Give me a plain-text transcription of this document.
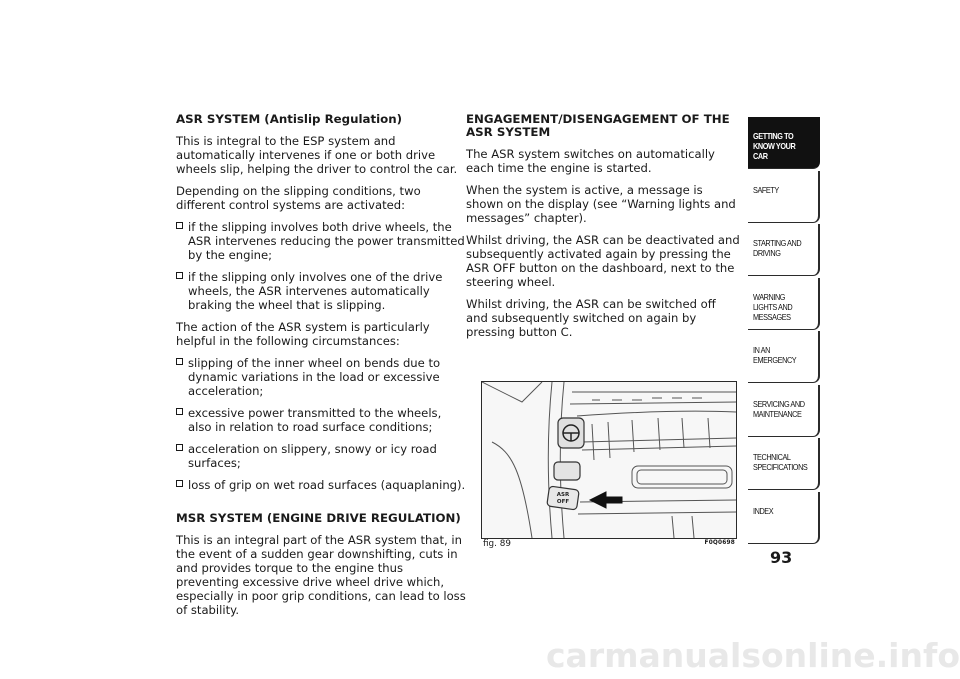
ASR SYSTEM (Antislip Regulation)
This is integral to the ESP system and automatically intervenes if one or both drive wheels slip, helping the driver to control the car.
Depending on the slipping conditions, two different control systems are activated:
if the slipping involves both drive wheels, the ASR intervenes reducing the power transmitted by the engine;
if the slipping only involves one of the drive wheels, the ASR intervenes automatically braking the wheel that is slipping.
The action of the ASR system is particularly helpful in the following circumstances:
slipping of the inner wheel on bends due to dynamic variations in the load or excessive acceleration;
excessive power transmitted to the wheels, also in relation to road surface conditions;
acceleration on slippery, snowy or icy road surfaces;
loss of grip on wet road surfaces (aquaplaning).
MSR SYSTEM (ENGINE DRIVE REGULATION)
This is an integral part of the ASR system that, in the event of a sudden gear downshifting, cuts in and provides torque to the engine thus preventing excessive drive wheel drive which, especially in poor grip conditions, can lead to loss of stability.
ENGAGEMENT/DISENGAGEMENT OF THE ASR SYSTEM
The ASR system switches on automatically each time the engine is started.
When the system is active, a message is shown on the display (see “Warning lights and messages” chapter).
Whilst driving, the ASR can be deactivated and subsequently activated again by pressing the ASR OFF button on the dashboard, next to the steering wheel.
Whilst driving, the ASR can be switched off and subsequently switched on again by pressing button C.
ASR
OFF
fig. 89	F0Q0698
GETTING TO KNOW YOUR CAR
SAFETY
STARTING AND DRIVING
WARNING LIGHTS AND MESSAGES
IN AN EMERGENCY
SERVICING AND MAINTENANCE
TECHNICAL SPECIFICATIONS
INDEX
93
carmanualsonline.info
